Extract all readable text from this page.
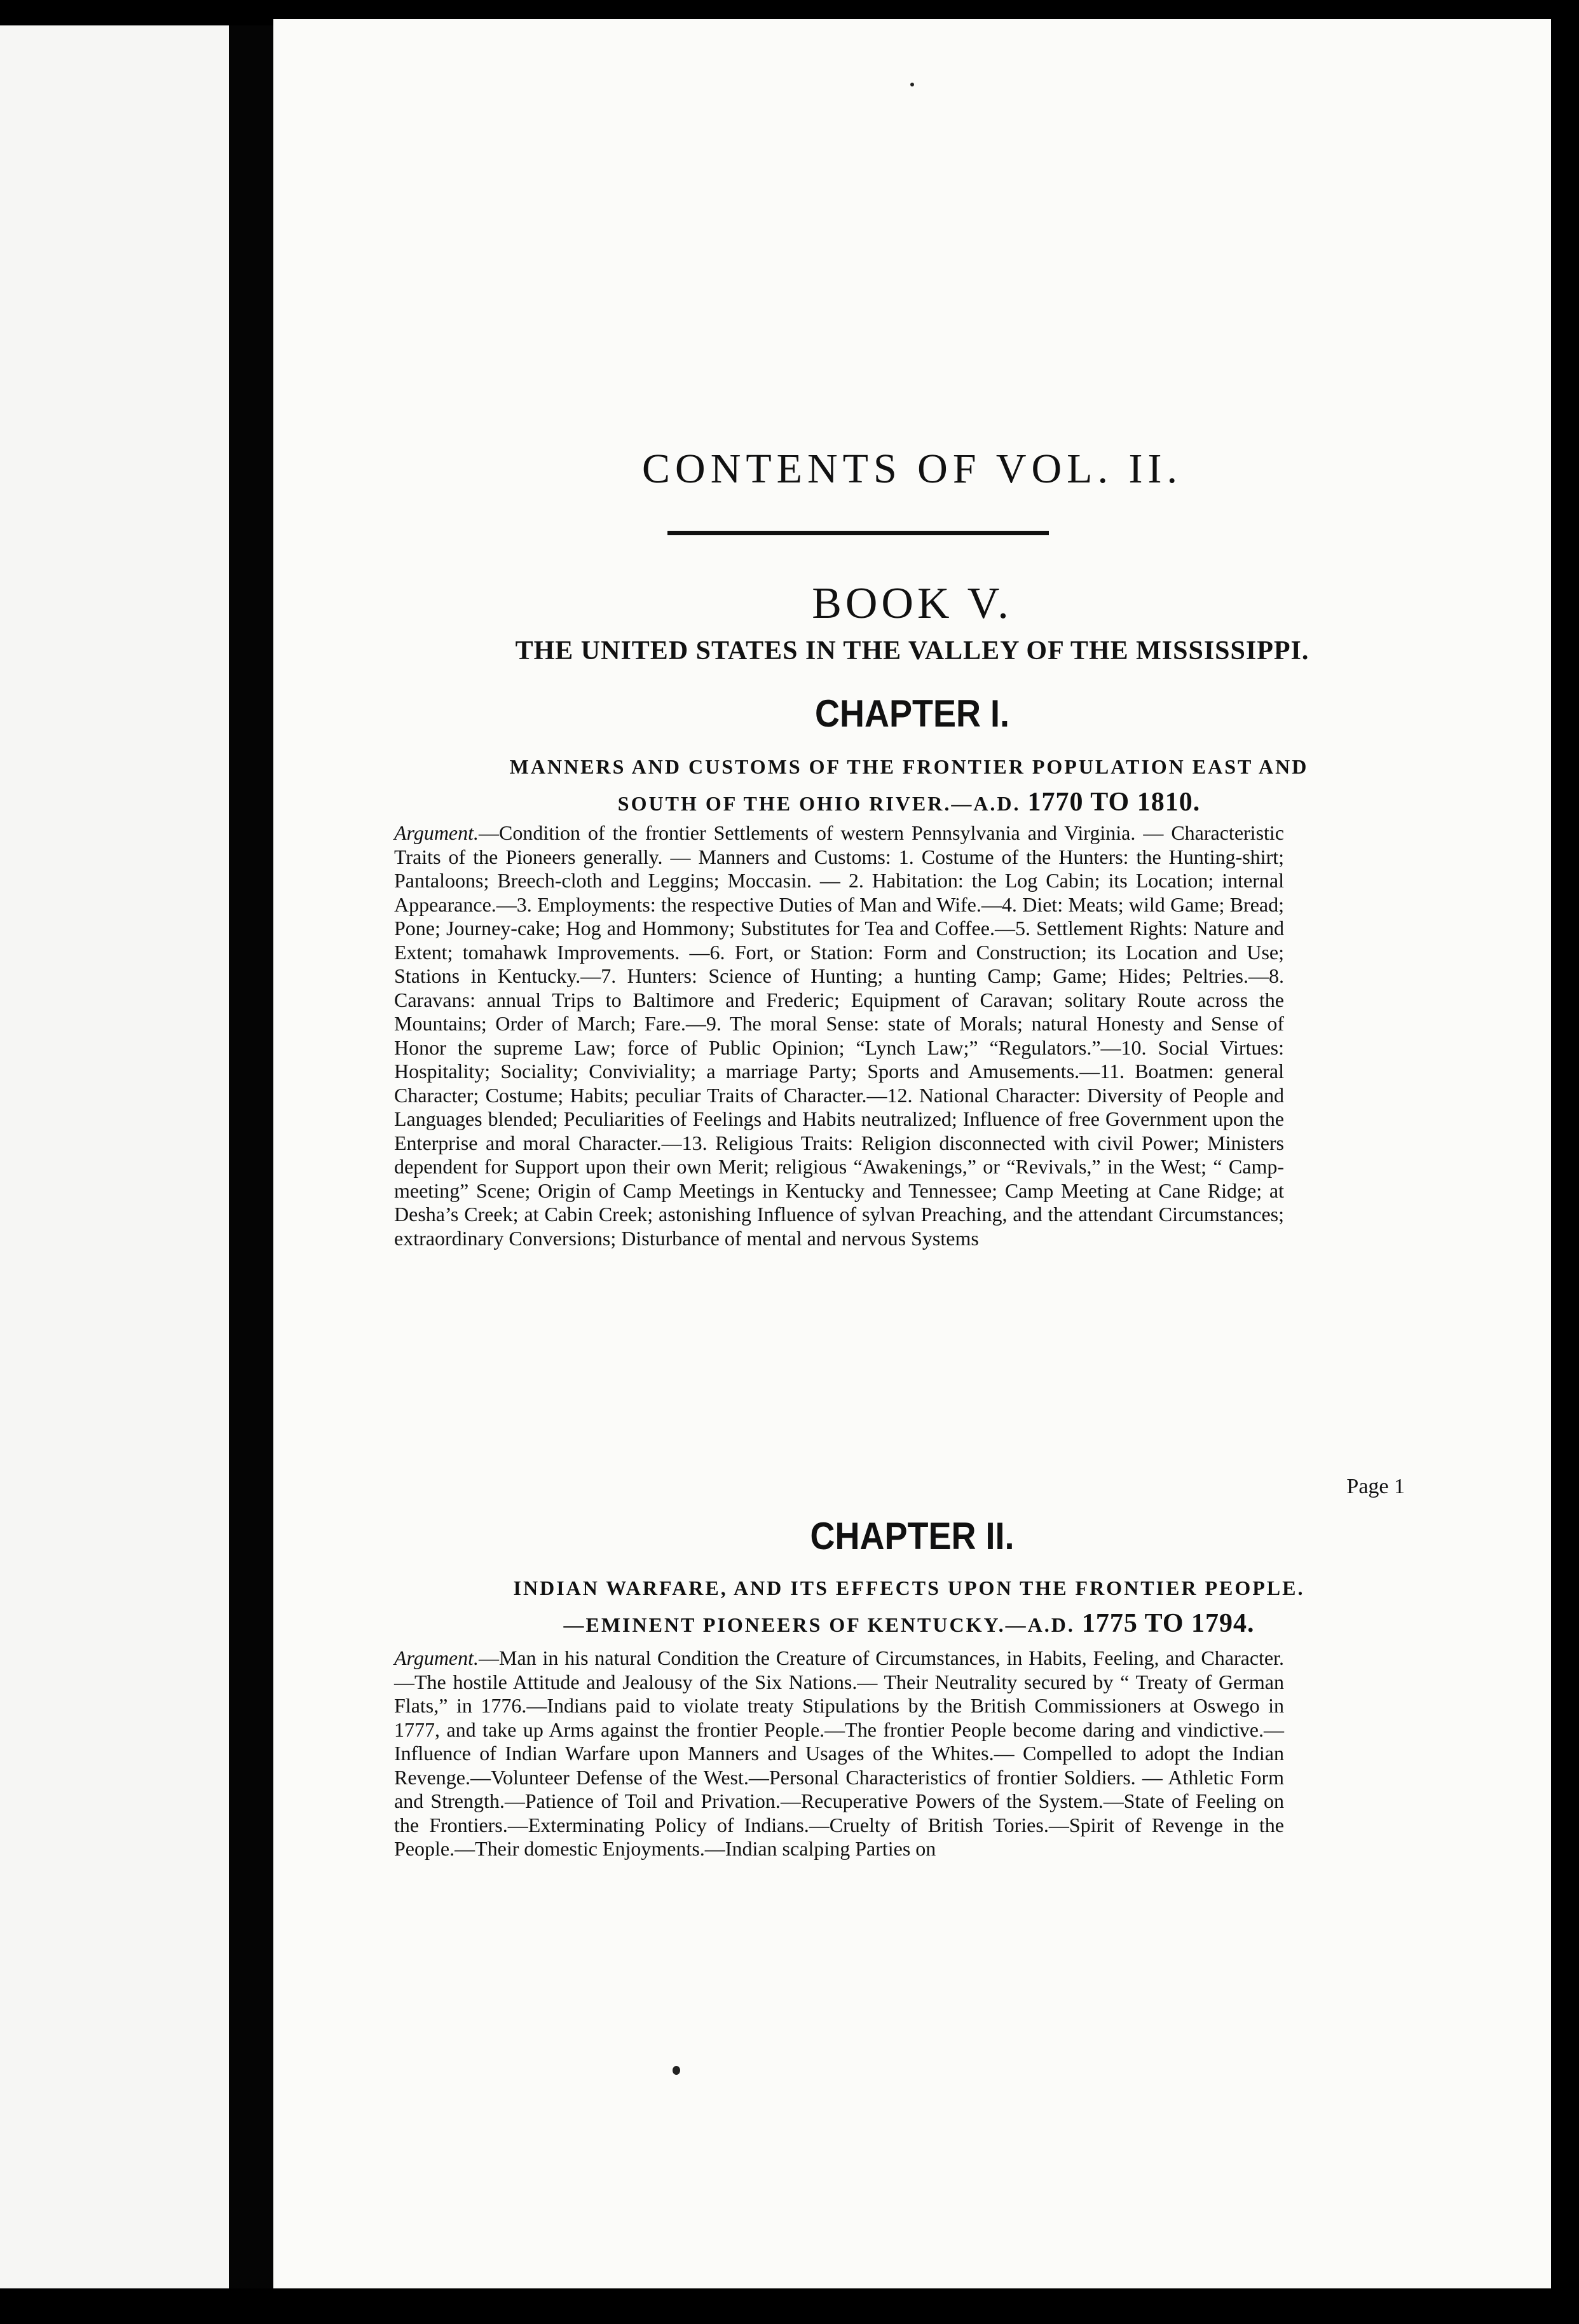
CONTENTS OF VOL. II.
BOOK V.
THE UNITED STATES IN THE VALLEY OF THE MISSISSIPPI.
CHAPTER I.
MANNERS AND CUSTOMS OF THE FRONTIER POPULATION EAST AND
SOUTH OF THE OHIO RIVER.—A.D. 1770 TO 1810.
Argument.—Condition of the frontier Settlements of western Pennsylvania and Virginia. — Characteristic Traits of the Pioneers generally. — Manners and Customs: 1. Costume of the Hunters: the Hunting-shirt; Pantaloons; Breech-cloth and Leggins; Moccasin. — 2. Habitation: the Log Cabin; its Location; internal Appearance.—3. Employments: the respective Duties of Man and Wife.—4. Diet: Meats; wild Game; Bread; Pone; Journey-cake; Hog and Hommony; Substitutes for Tea and Coffee.—5. Settlement Rights: Nature and Extent; tomahawk Improvements. —6. Fort, or Station: Form and Construction; its Location and Use; Stations in Kentucky.—7. Hunters: Science of Hunting; a hunting Camp; Game; Hides; Peltries.—8. Caravans: annual Trips to Baltimore and Frederic; Equipment of Caravan; solitary Route across the Mountains; Order of March; Fare.—9. The moral Sense: state of Morals; natural Honesty and Sense of Honor the supreme Law; force of Public Opinion; “Lynch Law;” “Regulators.”—10. Social Virtues: Hospitality; Sociality; Conviviality; a marriage Party; Sports and Amusements.—11. Boatmen: general Character; Costume; Habits; peculiar Traits of Character.—12. National Character: Diversity of People and Languages blended; Peculiarities of Feelings and Habits neutralized; Influence of free Government upon the Enterprise and moral Character.—13. Religious Traits: Religion disconnected with civil Power; Ministers dependent for Support upon their own Merit; religious “Awakenings,” or “Revivals,” in the West; “ Camp-meeting” Scene; Origin of Camp Meetings in Kentucky and Tennessee; Camp Meeting at Cane Ridge; at Desha’s Creek; at Cabin Creek; astonishing Influence of sylvan Preaching, and the attendant Circumstances; extraordinary Conversions; Disturbance of mental and nervous Systems
Page 1
CHAPTER II.
INDIAN WARFARE, AND ITS EFFECTS UPON THE FRONTIER PEOPLE.
—EMINENT PIONEERS OF KENTUCKY.—A.D. 1775 TO 1794.
Argument.—Man in his natural Condition the Creature of Circumstances, in Habits, Feeling, and Character.—The hostile Attitude and Jealousy of the Six Nations.— Their Neutrality secured by “ Treaty of German Flats,” in 1776.—Indians paid to violate treaty Stipulations by the British Commissioners at Oswego in 1777, and take up Arms against the frontier People.—The frontier People become daring and vindictive.—Influence of Indian Warfare upon Manners and Usages of the Whites.— Compelled to adopt the Indian Revenge.—Volunteer Defense of the West.—Personal Characteristics of frontier Soldiers. — Athletic Form and Strength.—Patience of Toil and Privation.—Recuperative Powers of the System.—State of Feeling on the Frontiers.—Exterminating Policy of Indians.—Cruelty of British Tories.—Spirit of Revenge in the People.—Their domestic Enjoyments.—Indian scalping Parties on
